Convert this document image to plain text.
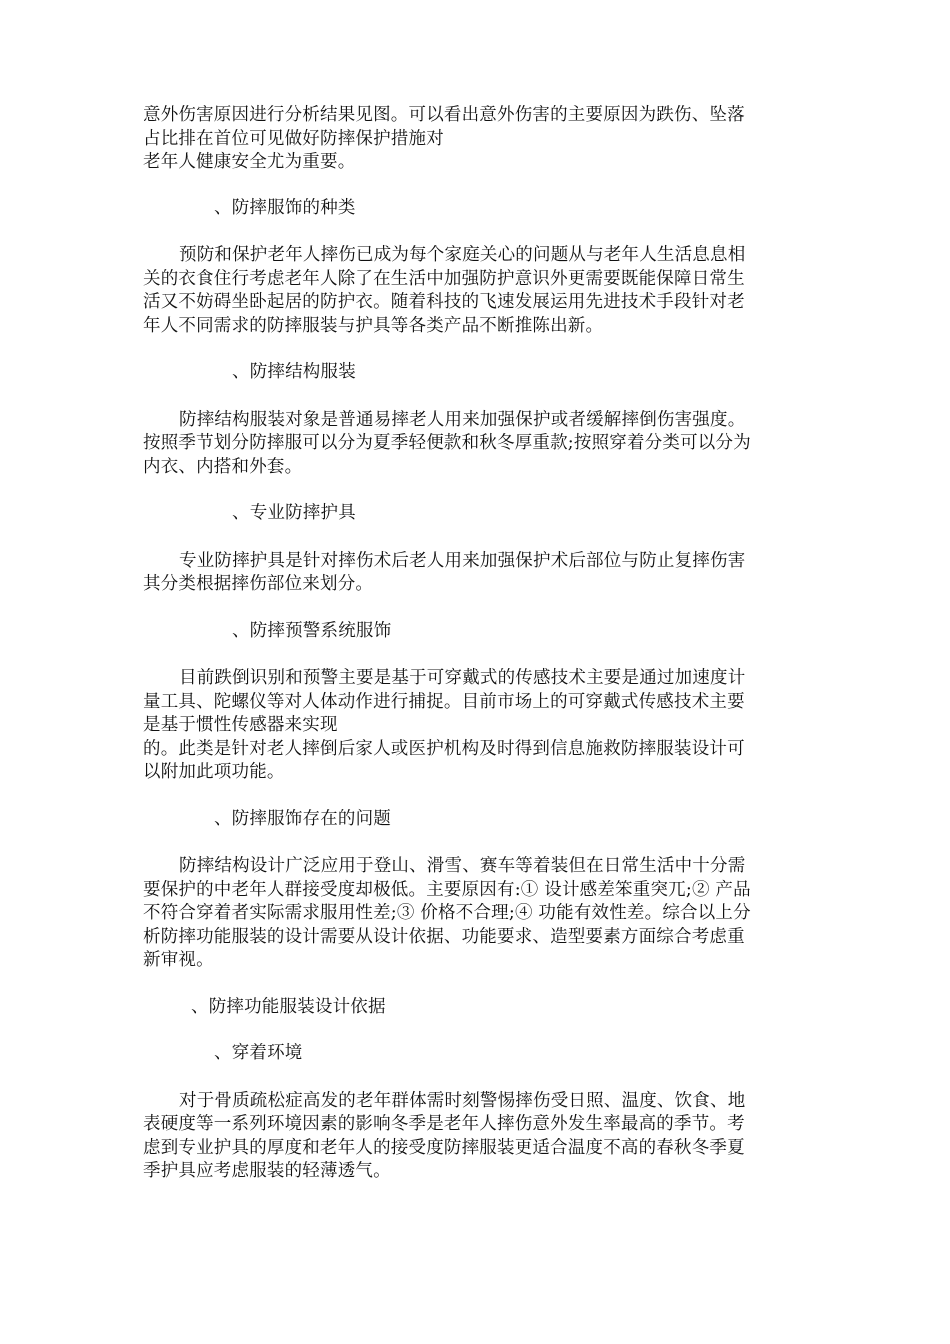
意外伤害原因进行分析结果见图。可以看出意外伤害的主要原因为跌伤、坠落
占比排在首位可见做好防摔保护措施对
老年人健康安全尤为重要。
、防摔服饰的种类
预防和保护老年人摔伤已成为每个家庭关心的问题从与老年人生活息息相
关的衣食住行考虑老年人除了在生活中加强防护意识外更需要既能保障日常生
活又不妨碍坐卧起居的防护衣。随着科技的飞速发展运用先进技术手段针对老
年人不同需求的防摔服装与护具等各类产品不断推陈出新。
、防摔结构服装
防摔结构服装对象是普通易摔老人用来加强保护或者缓解摔倒伤害强度。
按照季节划分防摔服可以分为夏季轻便款和秋冬厚重款;按照穿着分类可以分为
内衣、内搭和外套。
、专业防摔护具
专业防摔护具是针对摔伤术后老人用来加强保护术后部位与防止复摔伤害
其分类根据摔伤部位来划分。
、防摔预警系统服饰
目前跌倒识别和预警主要是基于可穿戴式的传感技术主要是通过加速度计
量工具、陀螺仪等对人体动作进行捕捉。目前市场上的可穿戴式传感技术主要
是基于惯性传感器来实现
的。此类是针对老人摔倒后家人或医护机构及时得到信息施救防摔服装设计可
以附加此项功能。
、防摔服饰存在的问题
防摔结构设计广泛应用于登山、滑雪、赛车等着装但在日常生活中十分需
要保护的中老年人群接受度却极低。主要原因有:① 设计感差笨重突兀;② 产品
不符合穿着者实际需求服用性差;③ 价格不合理;④ 功能有效性差。综合以上分
析防摔功能服装的设计需要从设计依据、功能要求、造型要素方面综合考虑重
新审视。
、防摔功能服装设计依据
、穿着环境
对于骨质疏松症高发的老年群体需时刻警惕摔伤受日照、温度、饮食、地
表硬度等一系列环境因素的影响冬季是老年人摔伤意外发生率最高的季节。考
虑到专业护具的厚度和老年人的接受度防摔服装更适合温度不高的春秋冬季夏
季护具应考虑服装的轻薄透气。
